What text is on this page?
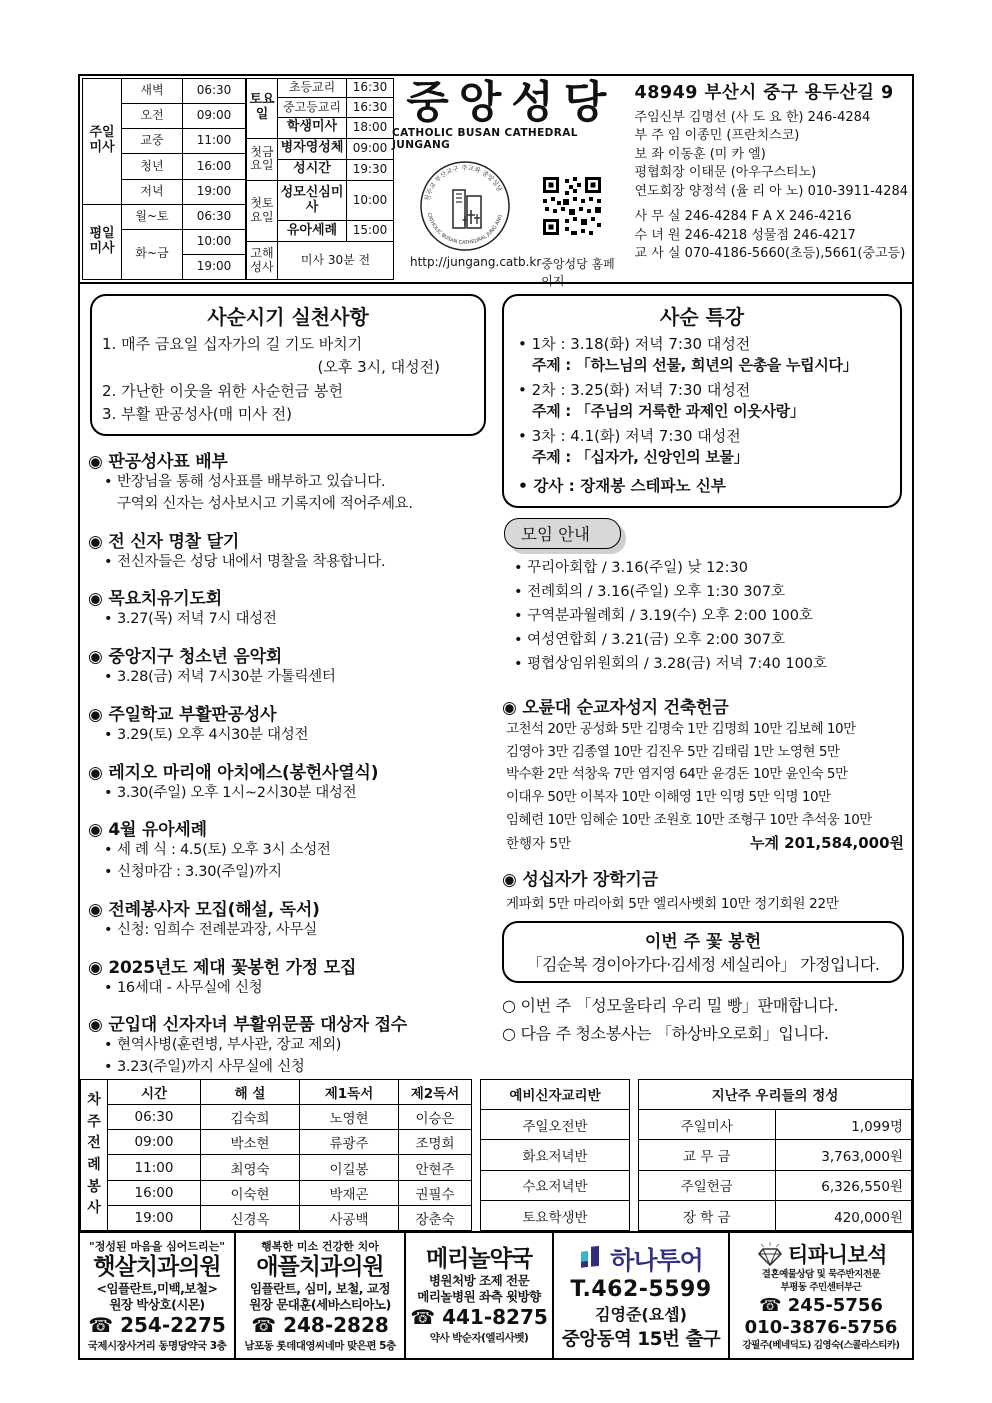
주일미사	새벽	06:30
	오전	09:00
	교중	11:00
	청년	16:00
	저녁	19:00
평일미사	월~토	06:30
	화~금	10:00
		19:00
토요일	초등교리	16:30
	중고등교리	16:30
	학생미사	18:00
첫금요일	병자영성체	09:00
	성시간	19:30
첫토요일	성모신심미사	10:00
	유아세례	15:00
고해성사	미사 30분 전	
중앙성당
CATHOLIC BUSAN CATHEDRAL JUNGANG
천주교 부산교구 주교좌 중앙성당
CATHOLIC BUSAN CATHEDRAL JUNG ANG
http://jungang.catb.kr 중앙성당 홈페이지
48949 부산시 중구 용두산길 9
주임신부 김명선 (사 도 요 한) 246-4284
부 주 임 이종민 (프란치스코)
보 좌 이동훈 (미 카 엘)
평협회장 이태문 (아우구스티노)
연도회장 양정석 (율 리 아 노) 010-3911-4284
사 무 실 246-4284 F A X 246-4216
수 녀 원 246-4218 성물점 246-4217
교 사 실 070-4186-5660(초등),5661(중고등)
사순시기 실천사항
1. 매주 금요일 십자가의 길 기도 바치기
(오후 3시, 대성전)
2. 가난한 이웃을 위한 사순헌금 봉헌
3. 부활 판공성사(매 미사 전)
◉ 판공성사표 배부
• 반장님을 통해 성사표를 배부하고 있습니다.
구역외 신자는 성사보시고 기록지에 적어주세요.
◉ 전 신자 명찰 달기
• 전신자들은 성당 내에서 명찰을 착용합니다.
◉ 목요치유기도회
• 3.27(목) 저녁 7시 대성전
◉ 중앙지구 청소년 음악회
• 3.28(금) 저녁 7시30분 가톨릭센터
◉ 주일학교 부활판공성사
• 3.29(토) 오후 4시30분 대성전
◉ 레지오 마리애 아치에스(봉헌사열식)
• 3.30(주일) 오후 1시~2시30분 대성전
◉ 4월 유아세례
• 세 례 식 : 4.5(토) 오후 3시 소성전
• 신청마감 : 3.30(주일)까지
◉ 전례봉사자 모집(해설, 독서)
• 신청: 임희수 전례분과장, 사무실
◉ 2025년도 제대 꽃봉헌 가정 모집
• 16세대 - 사무실에 신청
◉ 군입대 신자자녀 부활위문품 대상자 접수
• 현역사병(훈련병, 부사관, 장교 제외)
• 3.23(주일)까지 사무실에 신청
사순 특강
• 1차 : 3.18(화) 저녁 7:30 대성전
주제 : 「하느님의 선물, 희년의 은총을 누립시다」
• 2차 : 3.25(화) 저녁 7:30 대성전
주제 : 「주님의 거룩한 과제인 이웃사랑」
• 3차 : 4.1(화) 저녁 7:30 대성전
주제 : 「십자가, 신앙인의 보물」
• 강사 : 장재봉 스테파노 신부
모임 안내
• 꾸리아회합 / 3.16(주일) 낮 12:30
• 전례회의 / 3.16(주일) 오후 1:30 307호
• 구역분과월례회 / 3.19(수) 오후 2:00 100호
• 여성연합회 / 3.21(금) 오후 2:00 307호
• 평협상임위원회의 / 3.28(금) 저녁 7:40 100호
◉ 오륜대 순교자성지 건축헌금
고천석 20만 공성화 5만 김명숙 1만 김명희 10만 김보혜 10만
김영아 3만 김종열 10만 김진우 5만 김태림 1만 노영현 5만
박수환 2만 석창욱 7만 염지영 64만 윤경돈 10만 윤인숙 5만
이대우 50만 이복자 10만 이해영 1만 익명 5만 익명 10만
임혜련 10만 임혜순 10만 조원호 10만 조형구 10만 추석웅 10만
한행자 5만	누계 201,584,000원
◉ 성십자가 장학기금
게파회 5만 마리아회 5만 엘리사벳회 10만 정기회원 22만
이번 주 꽃 봉헌
「김순복 경이아가다·김세정 세실리아」 가정입니다.
○ 이번 주 「성모울타리 우리 밀 빵」판매합니다.
○ 다음 주 청소봉사는 「하상바오로회」입니다.
차주전례봉사	시간	해 설	제1독서	제2독서
	06:30	김숙희	노영현	이승은
	09:00	박소현	류광주	조명희
	11:00	최영숙	이길봉	안현주
	16:00	이숙현	박재곤	권필수
	19:00	신경옥	사공백	장춘숙
예비신자교리반
주일오전반
화요저녁반
수요저녁반
토요학생반
지난주 우리들의 정성	
주일미사	1,099명
교 무 금	3,763,000원
주일헌금	6,326,550원
장 학 금	420,000원
"정성된 마음을 심어드리는"
햇살치과의원
<임플란트,미백,보철>
원장 박상호(시몬)
☎ 254-2275
국제시장사거리 동명당약국 3층
행복한 미소 건강한 치아
애플치과의원
임플란트, 심미, 보철, 교정
원장 문대훈(세바스티아노)
☎ 248-2828
남포동 롯데대영씨네마 맞은편 5층
메리놀약국
병원처방 조제 전문
메리놀병원 좌측 윗방향
☎ 441-8275
약사 박순자(엘리사벳)
하나투어
T.462-5599
김영준(요셉)
중앙동역 15번 출구
티파니보석
결혼예물상담 및 묵주반지전문
부평동 주민센터부근
☎ 245-5756
010-3876-5756
강필주(베네딕도) 김영숙(스콜라스티카)
